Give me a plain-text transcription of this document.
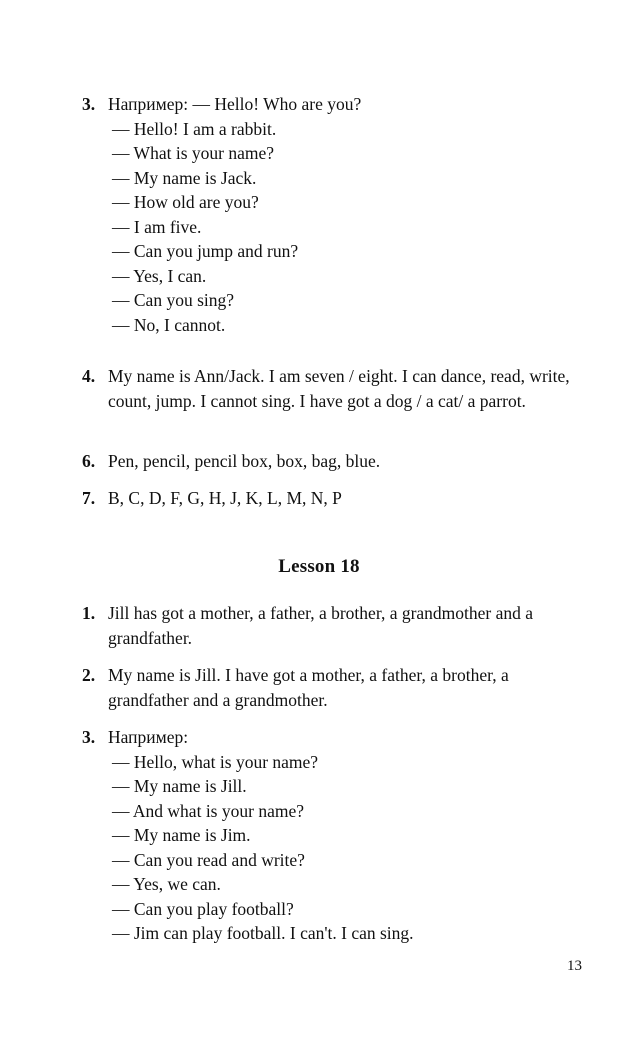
3. Например: — Hello! Who are you?
— Hello! I am a rabbit.
— What is your name?
— My name is Jack.
— How old are you?
— I am five.
— Can you jump and run?
— Yes, I can.
— Can you sing?
— No, I cannot.
4. My name is Ann/Jack. I am seven / eight. I can dance, read, write, count, jump. I cannot sing. I have got a dog / a cat/ a parrot.
6. Pen, pencil, pencil box, box, bag, blue.
7. B, C, D, F, G, H, J, K, L, M, N, P
Lesson 18
1. Jill has got a mother, a father, a brother, a grandmother and a grandfather.
2. My name is Jill. I have got a mother, a father, a brother, a grandfather and a grandmother.
3. Например:
— Hello, what is your name?
— My name is Jill.
— And what is your name?
— My name is Jim.
— Can you read and write?
— Yes, we can.
— Can you play football?
— Jim can play football. I can't. I can sing.
13
